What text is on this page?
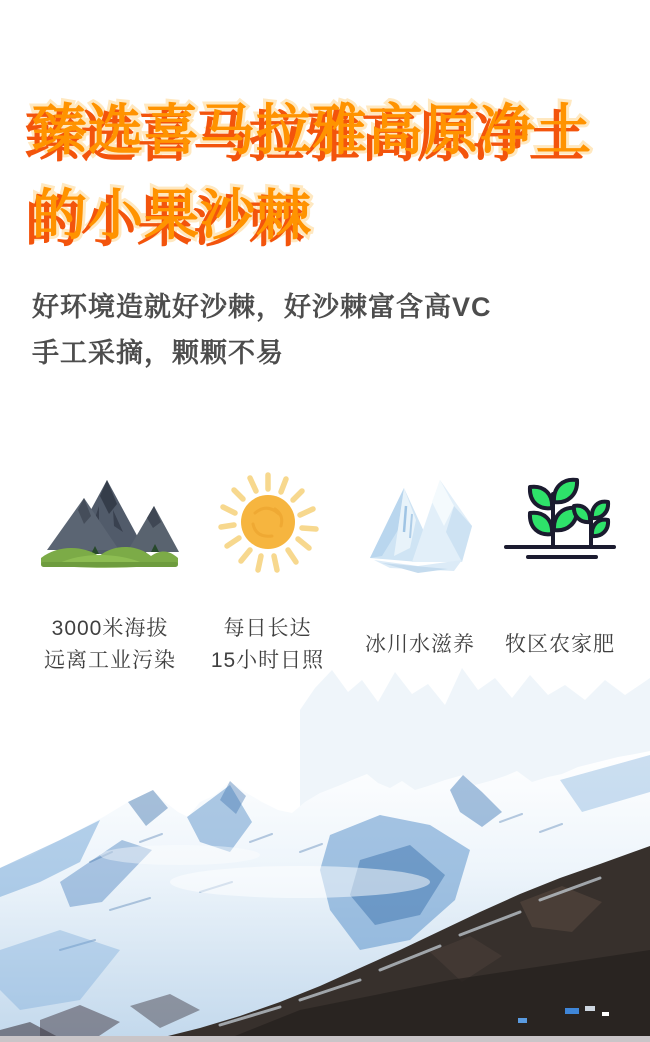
臻选喜马拉雅高原净土
的小果沙棘
好环境造就好沙棘，好沙棘富含高VC
手工采摘，颗颗不易
3000米海拔
远离工业污染
每日长达
15小时日照
冰川水滋养 牧区农家肥
